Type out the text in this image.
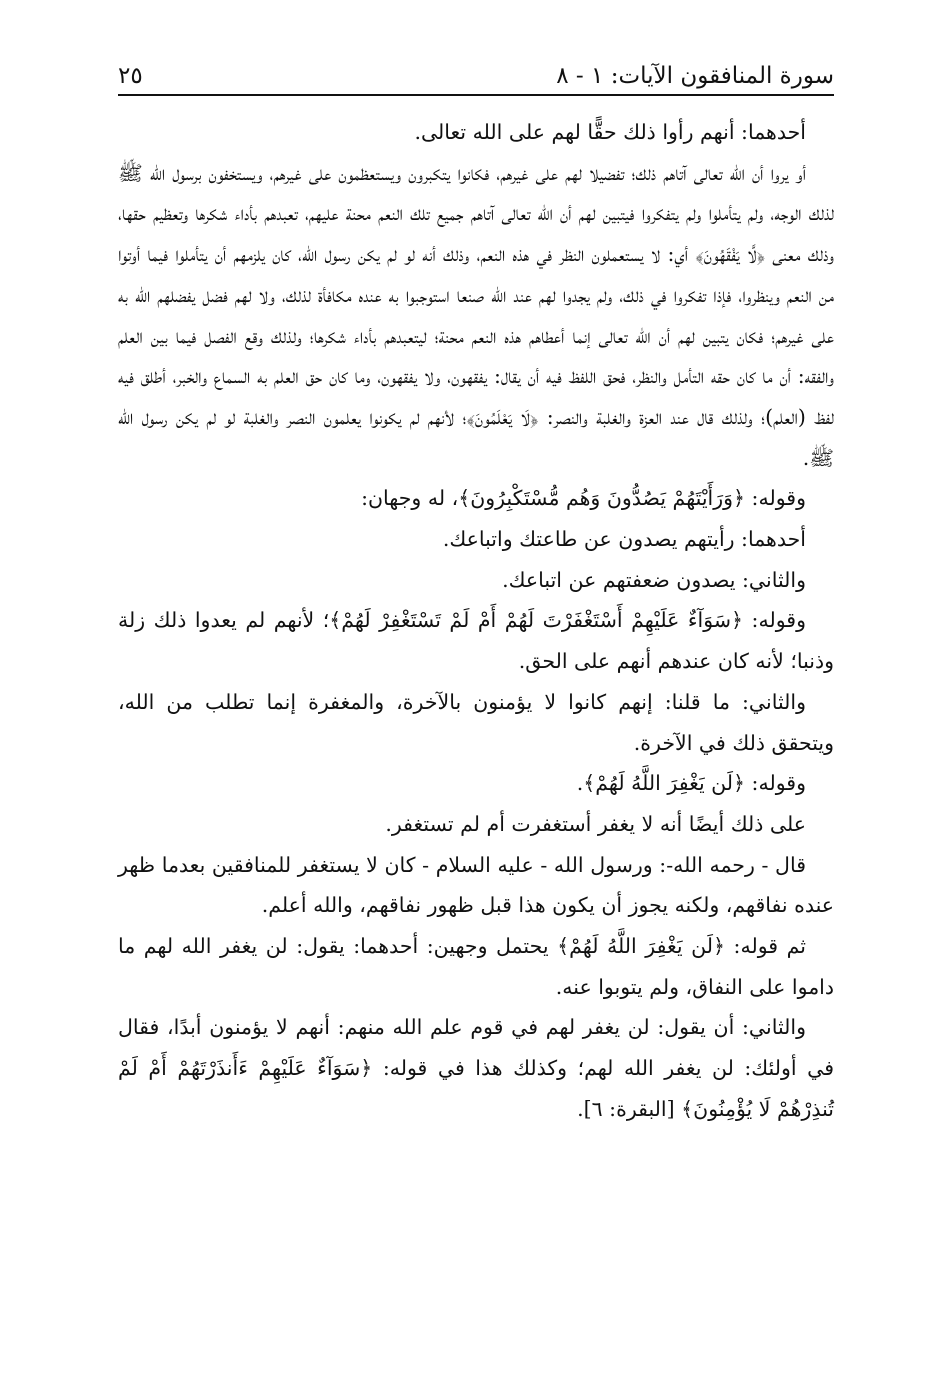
سورة المنافقون الآيات: ١ - ٨
٢٥

أحدهما: أنهم رأوا ذلك حقًّا لهم على الله تعالى.

أو يروا أن الله تعالى آتاهم ذلك؛ تفضيلا لهم على غيرهم، فكانوا يتكبرون ويستعظمون على غيرهم، ويستخفون برسول الله ﷺ لذلك الوجه، ولم يتأملوا ولم يتفكروا فيتبين لهم أن الله تعالى آتاهم جميع تلك النعم محنة عليهم، تعبدهم بأداء شكرها وتعظيم حقها، وذلك معنى ﴿لَّا يَفْقَهُونَ﴾ أي: لا يستعملون النظر في هذه النعم، وذلك أنه لو لم يكن رسول الله، كان يلزمهم أن يتأملوا فيما أوتوا من النعم وينظروا، فإذا تفكروا في ذلك، ولم يجدوا لهم عند الله صنعا استوجبوا به عنده مكافأة لذلك، ولا لهم فضل يفضلهم الله به على غيرهم؛ فكان يتبين لهم أن الله تعالى إنما أعطاهم هذه النعم محنة؛ ليتعبدهم بأداء شكرها؛ ولذلك وقع الفصل فيما بين العلم والفقه: أن ما كان حقه التأمل والنظر، فحق اللفظ فيه أن يقال: يفقهون، ولا يفقهون، وما كان حق العلم به السماع والخبر، أطلق فيه لفظ (العلم)؛ ولذلك قال عند العزة والغلبة والنصر: ﴿لَا يَعْلَمُونَ﴾؛ لأنهم لم يكونوا يعلمون النصر والغلبة لو لم يكن رسول الله ﷺ.

وقوله: ﴿وَرَأَيْتَهُمْ يَصُدُّونَ وَهُم مُّسْتَكْبِرُونَ﴾، له وجهان:

أحدهما: رأيتهم يصدون عن طاعتك واتباعك.

والثاني: يصدون ضعفتهم عن اتباعك.

وقوله: ﴿سَوَآءٌ عَلَيْهِمْ أَسْتَغْفَرْتَ لَهُمْ أَمْ لَمْ تَسْتَغْفِرْ لَهُمْ﴾؛ لأنهم لم يعدوا ذلك زلة وذنبا؛ لأنه كان عندهم أنهم على الحق.

والثاني: ما قلنا: إنهم كانوا لا يؤمنون بالآخرة، والمغفرة إنما تطلب من الله، ويتحقق ذلك في الآخرة.

وقوله: ﴿لَن يَغْفِرَ اللَّهُ لَهُمْ﴾.

على ذلك أيضًا أنه لا يغفر أستغفرت أم لم تستغفر.

قال - رحمه الله-: ورسول الله - عليه السلام - كان لا يستغفر للمنافقين بعدما ظهر عنده نفاقهم، ولكنه يجوز أن يكون هذا قبل ظهور نفاقهم، والله أعلم.

ثم قوله: ﴿لَن يَغْفِرَ اللَّهُ لَهُمْ﴾ يحتمل وجهين: أحدهما: يقول: لن يغفر الله لهم ما داموا على النفاق، ولم يتوبوا عنه.

والثاني: أن يقول: لن يغفر لهم في قوم علم الله منهم: أنهم لا يؤمنون أبدًا، فقال في أولئك: لن يغفر الله لهم؛ وكذلك هذا في قوله: ﴿سَوَآءٌ عَلَيْهِمْ ءَأَنذَرْتَهُمْ أَمْ لَمْ تُنذِرْهُمْ لَا يُؤْمِنُونَ﴾ [البقرة: ٦].
